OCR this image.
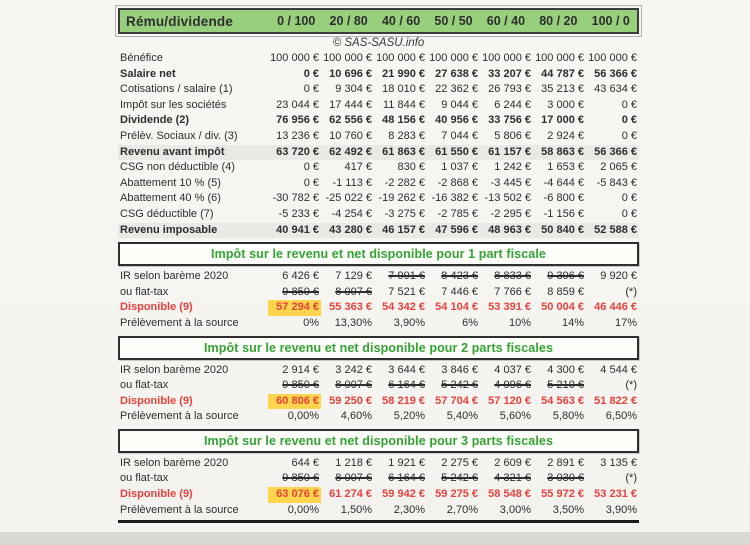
Rému/dividende	0 / 100	20 / 80	40 / 60	50 / 50	60 / 40	80 / 20	100 / 0
© SAS-SASU.info
Bénéfice	100 000 € 100 000 € 100 000 € 100 000 € 100 000 € 100 000 € 100 000 €
Salaire net	0 € 10 696 € 21 990 € 27 638 € 33 207 € 44 787 € 56 366 €
Cotisations / salaire (1)	0 €	9 304 € 18 010 € 22 362 € 26 793 € 35 213 € 43 634 €
Impôt sur les sociétés	23 044 € 17 444 € 11 844 €	9 044 €	6 244 €	3 000 €	0 €
Dividende (2)	76 956 € 62 556 € 48 156 € 40 956 € 33 756 € 17 000 €	0 €
Prélèv. Sociaux / div. (3)	13 236 € 10 760 €	8 283 €	7 044 €	5 806 €	2 924 €	0 €
Revenu avant impôt	63 720 € 62 492 € 61 863 € 61 550 € 61 157 € 58 863 € 56 366 €
CSG non déductible (4)	0 €	417 €	830 €	1 037 €	1 242 €	1 653 €	2 065 €
Abattement 10 % (5)	0 €	-1 113 €	-2 282 €	-2 868 €	-3 445 €	-4 644 €	-5 843 €
Abattement 40 % (6)	-30 782 € -25 022 € -19 262 € -16 382 € -13 502 €	-6 800 €	0 €
CSG déductible (7)	-5 233 €	-4 254 €	-3 275 €	-2 785 €	-2 295 €	-1 156 €	0 €
Revenu imposable	40 941 € 43 280 € 46 157 € 47 596 € 48 963 € 50 840 € 52 588 €
Impôt sur le revenu et net disponible pour 1 part fiscale
IR selon barème 2020	6 426 €	7 129 €	7 991 €	8 423 €	8 833 €	9 396 €	9 920 €
ou flat-tax	9 850 €	8 007 €	7 521 €	7 446 €	7 766 €	8 859 €	(*)
Disponible (9)	57 294 € 55 363 € 54 342 € 54 104 € 53 391 € 50 004 € 46 446 €
Prélèvement à la source	0%	13,30%	3,90%	6%	10%	14%	17%
Impôt sur le revenu et net disponible pour 2 parts fiscales
IR selon barème 2020	2 914 €	3 242 €	3 644 €	3 846 €	4 037 €	4 300 €	4 544 €
ou flat-tax	9 850 €	8 007 €	6 164 €	5 242 €	4 996 €	5 210 €	(*)
Disponible (9)	60 806 € 59 250 € 58 219 € 57 704 € 57 120 € 54 563 € 51 822 €
Prélèvement à la source	0,00%	4,60%	5,20%	5,40%	5,60%	5,80%	6,50%
Impôt sur le revenu et net disponible pour 3 parts fiscales
IR selon barème 2020	644 €	1 218 €	1 921 €	2 275 €	2 609 €	2 891 €	3 135 €
ou flat-tax	9 850 €	8 007 €	6 164 €	5 242 €	4 321 €	3 030 €	(*)
Disponible (9)	63 076 € 61 274 € 59 942 € 59 275 € 58 548 € 55 972 € 53 231 €
Prélèvement à la source	0,00%	1,50%	2,30%	2,70%	3,00%	3,50%	3,90%
